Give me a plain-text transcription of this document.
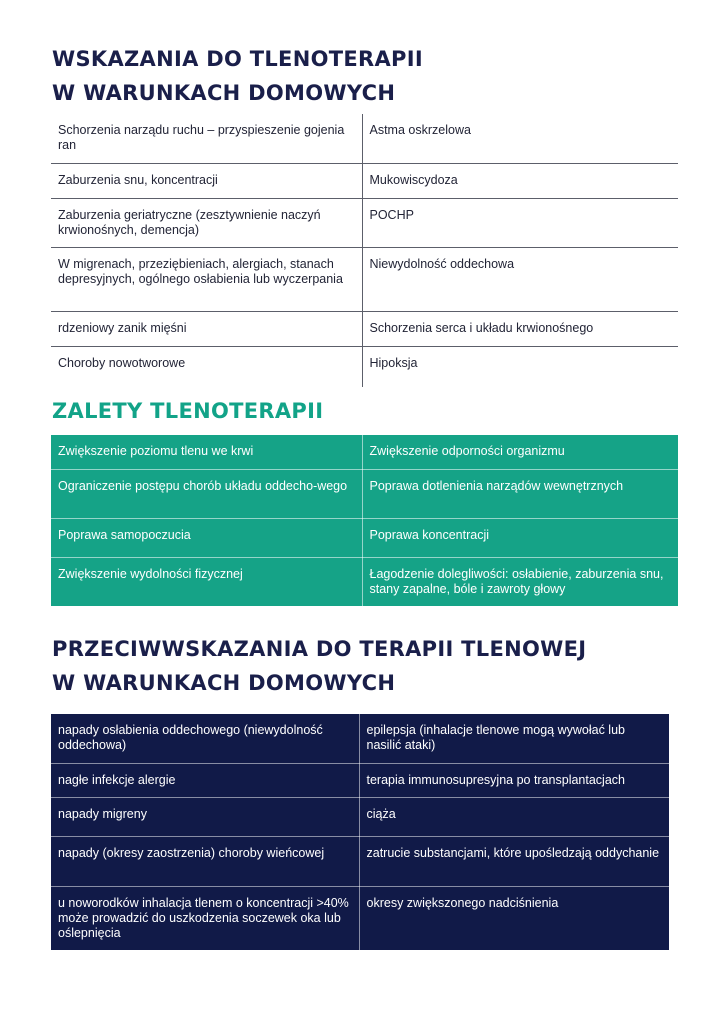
WSKAZANIA DO TLENOTERAPII
W WARUNKACH DOMOWYCH
Schorzenia narządu ruchu – przyspieszenie gojenia ran	Astma oskrzelowa
Zaburzenia snu, koncentracji	Mukowiscydoza
Zaburzenia geriatryczne (zesztywnienie naczyń krwionośnych, demencja)	POCHP
W migrenach, przeziębieniach, alergiach, stanach depresyjnych, ogólnego osłabienia lub wyczerpania	Niewydolność oddechowa
rdzeniowy zanik mięśni	Schorzenia serca i układu krwionośnego
Choroby nowotworowe	Hipoksja
ZALETY TLENOTERAPII
Zwiększenie poziomu tlenu we krwi	Zwiększenie odporności organizmu
Ograniczenie postępu chorób układu oddecho-wego	Poprawa dotlenienia narządów wewnętrznych
Poprawa samopoczucia	Poprawa koncentracji
Zwiększenie wydolności fizycznej	Łagodzenie dolegliwości: osłabienie, zaburzenia snu, stany zapalne, bóle i zawroty głowy
PRZECIWWSKAZANIA DO TERAPII TLENOWEJ
W WARUNKACH DOMOWYCH
napady osłabienia oddechowego (niewydolność oddechowa)	epilepsja (inhalacje tlenowe mogą wywołać lub nasilić ataki)
nagłe infekcje alergie	terapia immunosupresyjna po transplantacjach
napady migreny	ciąża
napady (okresy zaostrzenia) choroby wieńcowej	zatrucie substancjami, które upośledzają oddychanie
u noworodków inhalacja tlenem o koncentracji >40% może prowadzić do uszkodzenia soczewek oka lub oślepnięcia	okresy zwiększonego nadciśnienia
